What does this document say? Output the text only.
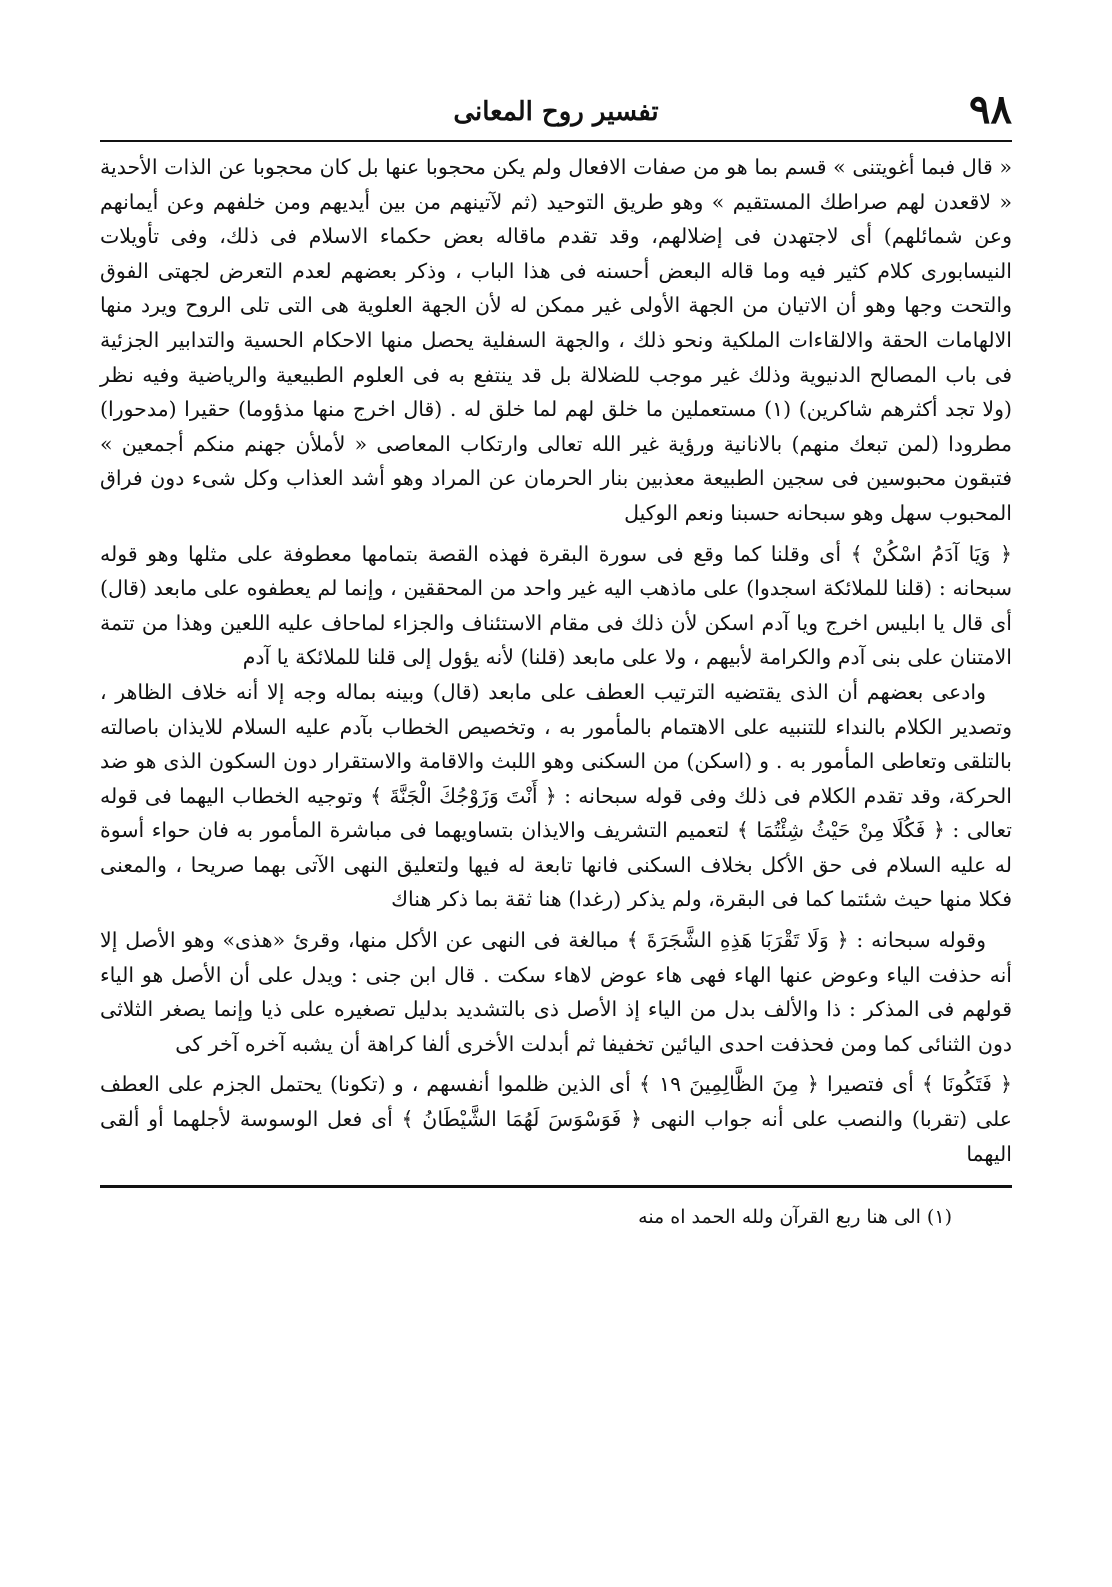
٩٨
تفسير روح المعانى

« قال فبما أغويتنى » قسم بما هو من صفات الافعال ولم يكن محجوبا عنها بل كان محجوبا عن الذات الأحدية « لاقعدن لهم صراطك المستقيم » وهو طريق التوحيد (ثم لآتينهم من بين أيديهم ومن خلفهم وعن أيمانهم وعن شمائلهم) أى لاجتهدن فى إضلالهم، وقد تقدم ماقاله بعض حكماء الاسلام فى ذلك، وفى تأويلات النيسابورى كلام كثير فيه وما قاله البعض أحسنه فى هذا الباب ، وذكر بعضهم لعدم التعرض لجهتى الفوق والتحت وجها وهو أن الاتيان من الجهة الأولى غير ممكن له لأن الجهة العلوية هى التى تلى الروح ويرد منها الالهامات الحقة والالقاءات الملكية ونحو ذلك ، والجهة السفلية يحصل منها الاحكام الحسية والتدابير الجزئية فى باب المصالح الدنيوية وذلك غير موجب للضلالة بل قد ينتفع به فى العلوم الطبيعية والرياضية وفيه نظر (ولا تجد أكثرهم شاكرين) (١) مستعملين ما خلق لهم لما خلق له . (قال اخرج منها مذؤوما) حقيرا (مدحورا) مطرودا (لمن تبعك منهم) بالانانية ورؤية غير الله تعالى وارتكاب المعاصى « لأملأن جهنم منكم أجمعين » فتبقون محبوسين فى سجين الطبيعة معذبين بنار الحرمان عن المراد وهو أشد العذاب وكل شىء دون فراق المحبوب سهل وهو سبحانه حسبنا ونعم الوكيل

﴿ وَيَا آدَمُ اسْكُنْ ﴾ أى وقلنا كما وقع فى سورة البقرة فهذه القصة بتمامها معطوفة على مثلها وهو قوله سبحانه : (قلنا للملائكة اسجدوا) على ماذهب اليه غير واحد من المحققين ، وإنما لم يعطفوه على مابعد (قال) أى قال يا ابليس اخرج ويا آدم اسكن لأن ذلك فى مقام الاستئناف والجزاء لماحاف عليه اللعين وهذا من تتمة الامتنان على بنى آدم والكرامة لأبيهم ، ولا على مابعد (قلنا) لأنه يؤول إلى قلنا للملائكة يا آدم

وادعى بعضهم أن الذى يقتضيه الترتيب العطف على مابعد (قال) وبينه بماله وجه إلا أنه خلاف الظاهر ، وتصدير الكلام بالنداء للتنبيه على الاهتمام بالمأمور به ، وتخصيص الخطاب بآدم عليه السلام للايذان باصالته بالتلقى وتعاطى المأمور به . و (اسكن) من السكنى وهو اللبث والاقامة والاستقرار دون السكون الذى هو ضد الحركة، وقد تقدم الكلام فى ذلك وفى قوله سبحانه : ﴿ أَنْتَ وَزَوْجُكَ الْجَنَّةَ ﴾ وتوجيه الخطاب اليهما فى قوله تعالى : ﴿ فَكُلَا مِنْ حَيْثُ شِئْتُمَا ﴾ لتعميم التشريف والايذان بتساويهما فى مباشرة المأمور به فان حواء أسوة له عليه السلام فى حق الأكل بخلاف السكنى فانها تابعة له فيها ولتعليق النهى الآتى بهما صريحا ، والمعنى فكلا منها حيث شئتما كما فى البقرة، ولم يذكر (رغدا) هنا ثقة بما ذكر هناك

وقوله سبحانه : ﴿ وَلَا تَقْرَبَا هَذِهِ الشَّجَرَةَ ﴾ مبالغة فى النهى عن الأكل منها، وقرئ «هذى» وهو الأصل إلا أنه حذفت الياء وعوض عنها الهاء فهى هاء عوض لاهاء سكت . قال ابن جنى : ويدل على أن الأصل هو الياء قولهم فى المذكر : ذا والألف بدل من الياء إذ الأصل ذى بالتشديد بدليل تصغيره على ذيا وإنما يصغر الثلاثى دون الثنائى كما ومن فحذفت احدى اليائين تخفيفا ثم أبدلت الأخرى ألفا كراهة أن يشبه آخره آخر كى

﴿ فَتَكُونَا ﴾ أى فتصيرا ﴿ مِنَ الظَّالِمِينَ ١٩ ﴾ أى الذين ظلموا أنفسهم ، و (تكونا) يحتمل الجزم على العطف على (تقربا) والنصب على أنه جواب النهى ﴿ فَوَسْوَسَ لَهُمَا الشَّيْطَانُ ﴾ أى فعل الوسوسة لأجلهما أو ألقى اليهما

(١) الى هنا ربع القرآن ولله الحمد اه منه
